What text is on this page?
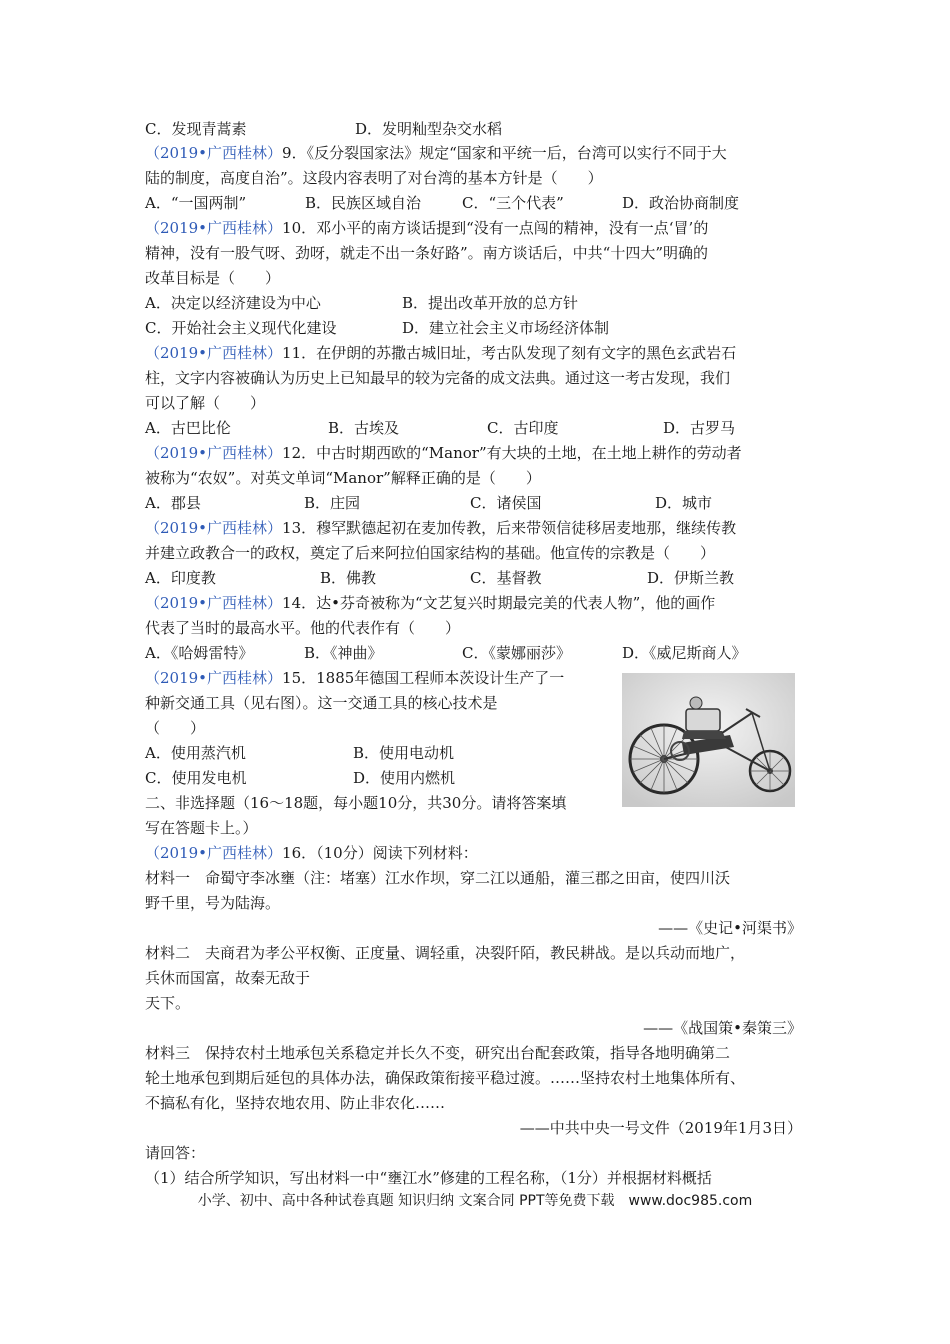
C．发现青蒿素	D．发明籼型杂交水稻
（2019•广西桂林）9．《反分裂国家法》规定“国家和平统一后，台湾可以实行不同于大
陆的制度，高度自治”。这段内容表明了对台湾的基本方针是（　　）
A．“一国两制”	B．民族区域自治	C．“三个代表”	D．政治协商制度
（2019•广西桂林）10．邓小平的南方谈话提到“没有一点闯的精神，没有一点‘冒’的
精神，没有一股气呀、劲呀，就走不出一条好路”。南方谈话后，中共“十四大”明确的
改革目标是（　　）
A．决定以经济建设为中心	B．提出改革开放的总方针
C．开始社会主义现代化建设	D．建立社会主义市场经济体制
（2019•广西桂林）11．在伊朗的苏撒古城旧址，考古队发现了刻有文字的黑色玄武岩石
柱，文字内容被确认为历史上已知最早的较为完备的成文法典。通过这一考古发现，我们
可以了解（　　）
A．古巴比伦	B．古埃及	C．古印度	D．古罗马
（2019•广西桂林）12．中古时期西欧的“Manor”有大块的土地，在土地上耕作的劳动者
被称为“农奴”。对英文单词“Manor”解释正确的是（　　）
A．郡县	B．庄园	C．诸侯国	D．城市
（2019•广西桂林）13．穆罕默德起初在麦加传教，后来带领信徒移居麦地那，继续传教
并建立政教合一的政权，奠定了后来阿拉伯国家结构的基础。他宣传的宗教是（　　）
A．印度教	B．佛教	C．基督教	D．伊斯兰教
（2019•广西桂林）14．达•芬奇被称为“文艺复兴时期最完美的代表人物”，他的画作
代表了当时的最高水平。他的代表作有（　　）
A．《哈姆雷特》	B．《神曲》	C．《蒙娜丽莎》	D．《威尼斯商人》
（2019•广西桂林）15．1885年德国工程师本茨设计生产了一
种新交通工具（见右图）。这一交通工具的核心技术是
（　　）
A．使用蒸汽机	B．使用电动机
C．使用发电机	D．使用内燃机
二、非选择题（16～18题，每小题10分，共30分。请将答案填
写在答题卡上。）
（2019•广西桂林）16．（10分）阅读下列材料：
材料一　命蜀守李冰壅（注：堵塞）江水作坝，穿二江以通船，灌三郡之田亩，使四川沃
野千里，号为陆海。
——《史记•河渠书》
材料二　夫商君为孝公平权衡、正度量、调轻重，决裂阡陌，教民耕战。是以兵动而地广，
兵休而国富，故秦无敌于
天下。
——《战国策•秦策三》
材料三　保持农村土地承包关系稳定并长久不变，研究出台配套政策，指导各地明确第二
轮土地承包到期后延包的具体办法，确保政策衔接平稳过渡。……坚持农村土地集体所有、
不搞私有化，坚持农地农用、防止非农化……
——中共中央一号文件（2019年1月3日）
请回答：
（1）结合所学知识，写出材料一中“壅江水”修建的工程名称，（1分）并根据材料概括
小学、初中、高中各种试卷真题 知识归纳 文案合同 PPT等免费下载　www.doc985.com
